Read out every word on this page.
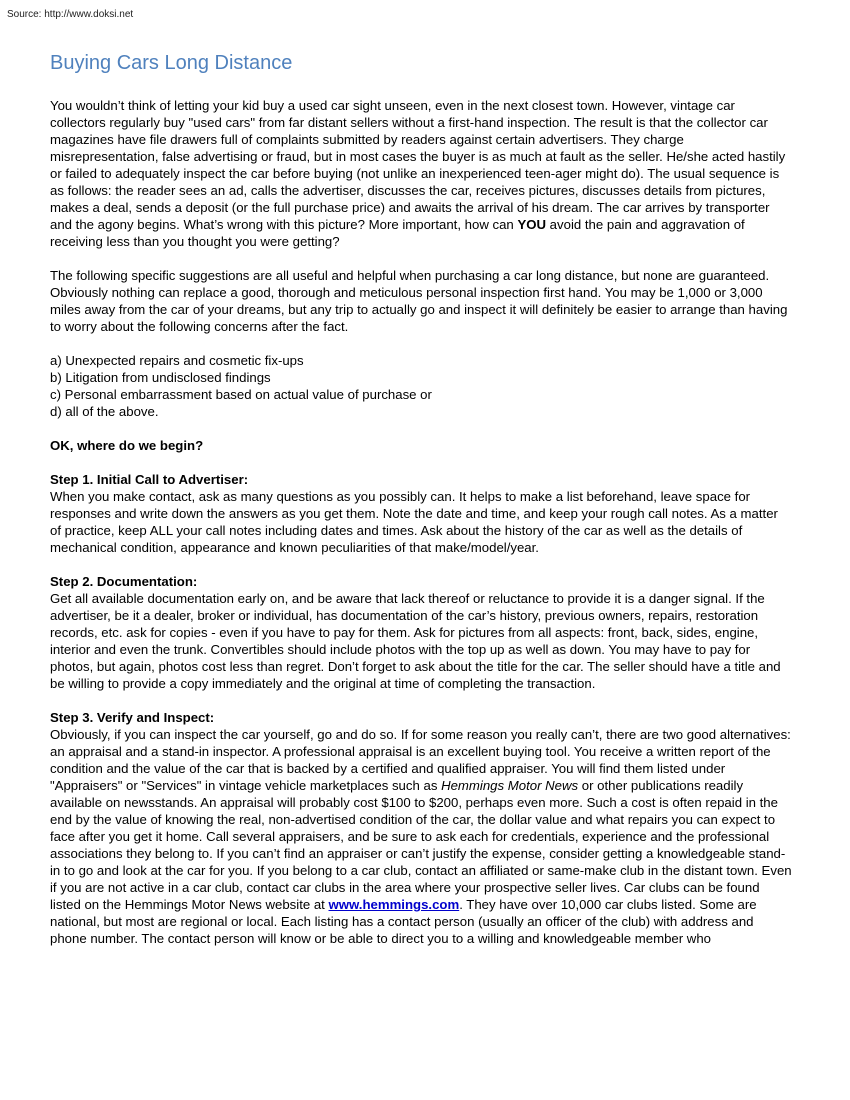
Source: http://www.doksi.net
Buying Cars Long Distance

You wouldn’t think of letting your kid buy a used car sight unseen, even in the next closest town. However, vintage car collectors regularly buy "used cars" from far distant sellers without a first-hand inspection. The result is that the collector car magazines have file drawers full of complaints submitted by readers against certain advertisers. They charge misrepresentation, false advertising or fraud, but in most cases the buyer is as much at fault as the seller. He/she acted hastily or failed to adequately inspect the car before buying (not unlike an inexperienced teen-ager might do). The usual sequence is as follows: the reader sees an ad, calls the advertiser, discusses the car, receives pictures, discusses details from pictures, makes a deal, sends a deposit (or the full purchase price) and awaits the arrival of his dream. The car arrives by transporter and the agony begins. What’s wrong with this picture? More important, how can YOU avoid the pain and aggravation of receiving less than you thought you were getting?

The following specific suggestions are all useful and helpful when purchasing a car long distance, but none are guaranteed. Obviously nothing can replace a good, thorough and meticulous personal inspection first hand. You may be 1,000 or 3,000 miles away from the car of your dreams, but any trip to actually go and inspect it will definitely be easier to arrange than having to worry about the following concerns after the fact.

a) Unexpected repairs and cosmetic fix-ups
b) Litigation from undisclosed findings
c) Personal embarrassment based on actual value of purchase or
d) all of the above.

OK, where do we begin?

Step 1. Initial Call to Advertiser:

When you make contact, ask as many questions as you possibly can. It helps to make a list beforehand, leave space for responses and write down the answers as you get them. Note the date and time, and keep your rough call notes. As a matter of practice, keep ALL your call notes including dates and times. Ask about the history of the car as well as the details of mechanical condition, appearance and known peculiarities of that make/model/year.

Step 2. Documentation:

Get all available documentation early on, and be aware that lack thereof or reluctance to provide it is a danger signal. If the advertiser, be it a dealer, broker or individual, has documentation of the car’s history, previous owners, repairs, restoration records, etc. ask for copies - even if you have to pay for them. Ask for pictures from all aspects: front, back, sides, engine, interior and even the trunk. Convertibles should include photos with the top up as well as down. You may have to pay for photos, but again, photos cost less than regret. Don’t forget to ask about the title for the car. The seller should have a title and be willing to provide a copy immediately and the original at time of completing the transaction.

Step 3. Verify and Inspect:

Obviously, if you can inspect the car yourself, go and do so. If for some reason you really can’t, there are two good alternatives: an appraisal and a stand-in inspector. A professional appraisal is an excellent buying tool. You receive a written report of the condition and the value of the car that is backed by a certified and qualified appraiser. You will find them listed under "Appraisers" or "Services" in vintage vehicle marketplaces such as Hemmings Motor News or other publications readily available on newsstands. An appraisal will probably cost $100 to $200, perhaps even more. Such a cost is often repaid in the end by the value of knowing the real, non-advertised condition of the car, the dollar value and what repairs you can expect to face after you get it home. Call several appraisers, and be sure to ask each for credentials, experience and the professional associations they belong to. If you can’t find an appraiser or can’t justify the expense, consider getting a knowledgeable stand-in to go and look at the car for you. If you belong to a car club, contact an affiliated or same-make club in the distant town. Even if you are not active in a car club, contact car clubs in the area where your prospective seller lives. Car clubs can be found listed on the Hemmings Motor News website at www.hemmings.com. They have over 10,000 car clubs listed. Some are national, but most are regional or local. Each listing has a contact person (usually an officer of the club) with address and phone number. The contact person will know or be able to direct you to a willing and knowledgeable member who
